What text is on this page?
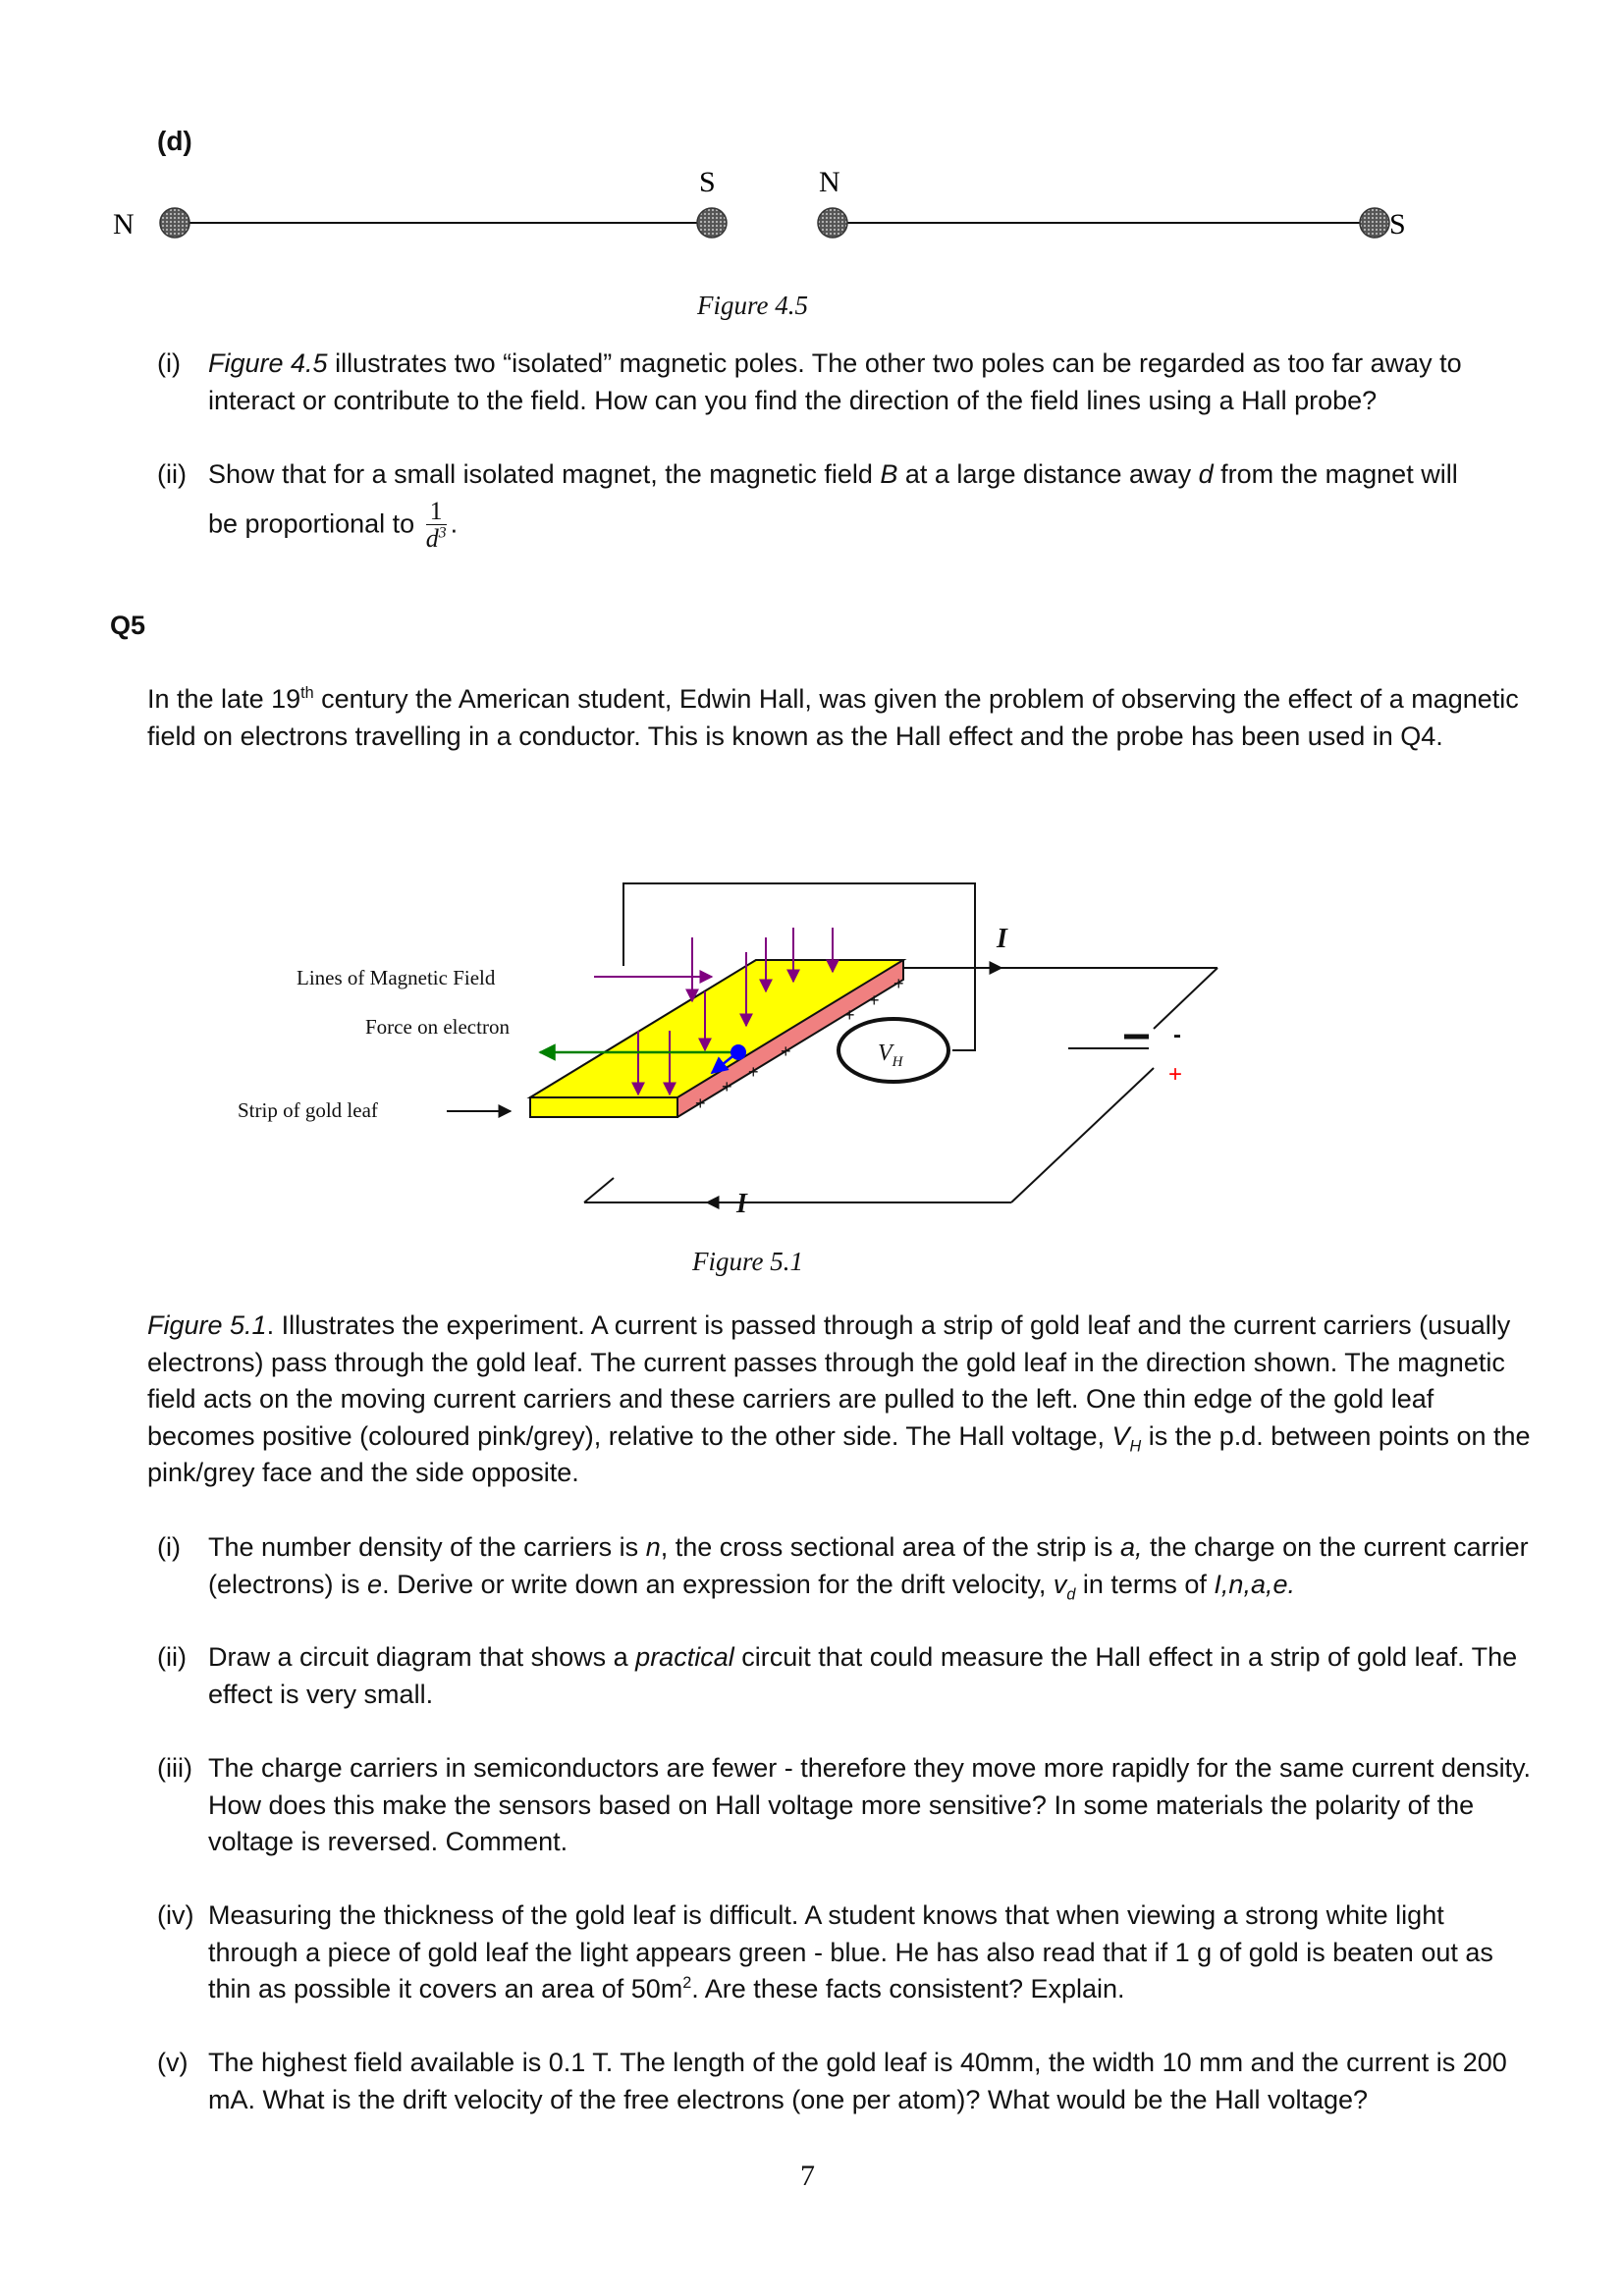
(d)
N
S	N
S
Figure 4.5
(i) Figure 4.5 illustrates two “isolated” magnetic poles. The other two poles can be regarded as too far away to interact or contribute to the field. How can you find the direction of the field lines using a Hall probe?
(ii) Show that for a small isolated magnet, the magnetic field B at a large distance away d from the magnet will
be proportional to $\frac{1}{d^3}$ .
Q5
In the late 19th century the American student, Edwin Hall, was given the problem of observing the effect of a magnetic field on electrons travelling in a conductor. This is known as the Hall effect and the probe has been used in Q4.
-
+
+
+
+
+
+
+
+
$V_H$
Lines of Magnetic Field
Force on electron
Strip of gold leaf
I
I
Figure 5.1
Figure 5.1. Illustrates the experiment. A current is passed through a strip of gold leaf and the current carriers (usually electrons) pass through the gold leaf. The current passes through the gold leaf in the direction shown. The magnetic field acts on the moving current carriers and these carriers are pulled to the left. One thin edge of the gold leaf becomes positive (coloured pink/grey), relative to the other side. The Hall voltage, $V_H$ is the p.d. between points on the pink/grey face and the side opposite.
(i) The number density of the carriers is n, the cross sectional area of the strip is a, the charge on the current carrier (electrons) is e. Derive or write down an expression for the drift velocity, $v_d$ in terms of I,n,a,e.
(ii) Draw a circuit diagram that shows a practical circuit that could measure the Hall effect in a strip of gold leaf. The effect is very small.
(iii) The charge carriers in semiconductors are fewer - therefore they move more rapidly for the same current density. How does this make the sensors based on Hall voltage more sensitive? In some materials the polarity of the voltage is reversed. Comment.
(iv) Measuring the thickness of the gold leaf is difficult. A student knows that when viewing a strong white light through a piece of gold leaf the light appears green - blue. He has also read that if 1 g of gold is beaten out as thin as possible it covers an area of $50m^2$. Are these facts consistent? Explain.
(v) The highest field available is 0.1 T. The length of the gold leaf is 40mm, the width 10 mm and the current is 200 mA. What is the drift velocity of the free electrons (one per atom)? What would be the Hall voltage?
7
